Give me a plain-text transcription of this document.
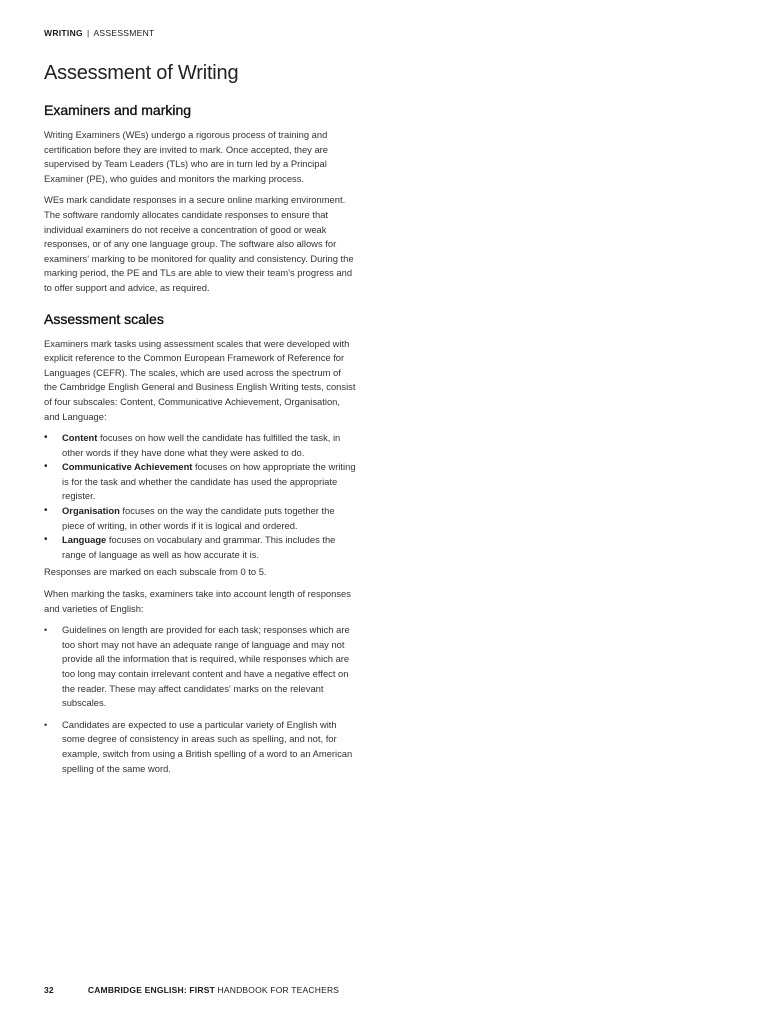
WRITING | ASSESSMENT
Assessment of Writing
Examiners and marking

Writing Examiners (WEs) undergo a rigorous process of training and certification before they are invited to mark. Once accepted, they are supervised by Team Leaders (TLs) who are in turn led by a Principal Examiner (PE), who guides and monitors the marking process.

WEs mark candidate responses in a secure online marking environment. The software randomly allocates candidate responses to ensure that individual examiners do not receive a concentration of good or weak responses, or of any one language group. The software also allows for examiners' marking to be monitored for quality and consistency. During the marking period, the PE and TLs are able to view their team's progress and to offer support and advice, as required.

Assessment scales

Examiners mark tasks using assessment scales that were developed with explicit reference to the Common European Framework of Reference for Languages (CEFR). The scales, which are used across the spectrum of the Cambridge English General and Business English Writing tests, consist of four subscales: Content, Communicative Achievement, Organisation, and Language:

• Content focuses on how well the candidate has fulfilled the task, in other words if they have done what they were asked to do.
• Communicative Achievement focuses on how appropriate the writing is for the task and whether the candidate has used the appropriate register.
• Organisation focuses on the way the candidate puts together the piece of writing, in other words if it is logical and ordered.
• Language focuses on vocabulary and grammar. This includes the range of language as well as how accurate it is.

Responses are marked on each subscale from 0 to 5.

When marking the tasks, examiners take into account length of responses and varieties of English:

• Guidelines on length are provided for each task; responses which are too short may not have an adequate range of language and may not provide all the information that is required, while responses which are too long may contain irrelevant content and have a negative effect on the reader. These may affect candidates' marks on the relevant subscales.
• Candidates are expected to use a particular variety of English with some degree of consistency in areas such as spelling, and not, for example, switch from using a British spelling of a word to an American spelling of the same word.
32	CAMBRIDGE ENGLISH: FIRST HANDBOOK FOR TEACHERS
